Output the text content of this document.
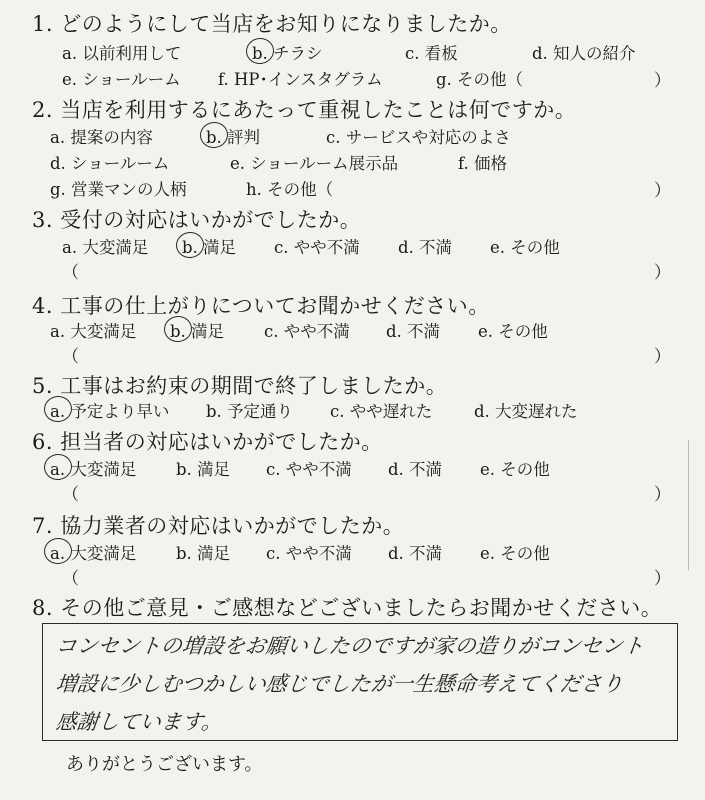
1. どのようにして当店をお知りになりましたか。
a. 以前利用して	b. チラシ	c. 看板	d. 知人の紹介
e. ショールーム f. HP･インスタグラム	g. その他（	）
2. 当店を利用するにあたって重視したことは何ですか。
a. 提案の内容	b. 評判	c. サービスや対応のよさ
d. ショールーム	e. ショールーム展示品	f. 価格
g. 営業マンの人柄	h. その他（	）
3. 受付の対応はいかがでしたか。
a. 大変満足 b. 満足 c. やや不満 d. 不満 e. その他
（	）
4. 工事の仕上がりについてお聞かせください。
a. 大変満足 b. 満足 c. やや不満 d. 不満 e. その他
（	）
5. 工事はお約束の期間で終了しましたか。
a. 予定より早い b. 予定通り c. やや遅れた	d. 大変遅れた
6. 担当者の対応はいかがでしたか。
a. 大変満足 b. 満足 c. やや不満 d. 不満 e. その他
（	）
7. 協力業者の対応はいかがでしたか。
a. 大変満足 b. 満足 c. やや不満 d. 不満 e. その他
（	）
8. その他ご意見・ご感想などございましたらお聞かせください。
コンセントの増設をお願いしたのですが家の造りがコンセント
増設に少しむつかしい感じでしたが一生懸命考えてくださり
感謝しています。
ありがとうございます。
